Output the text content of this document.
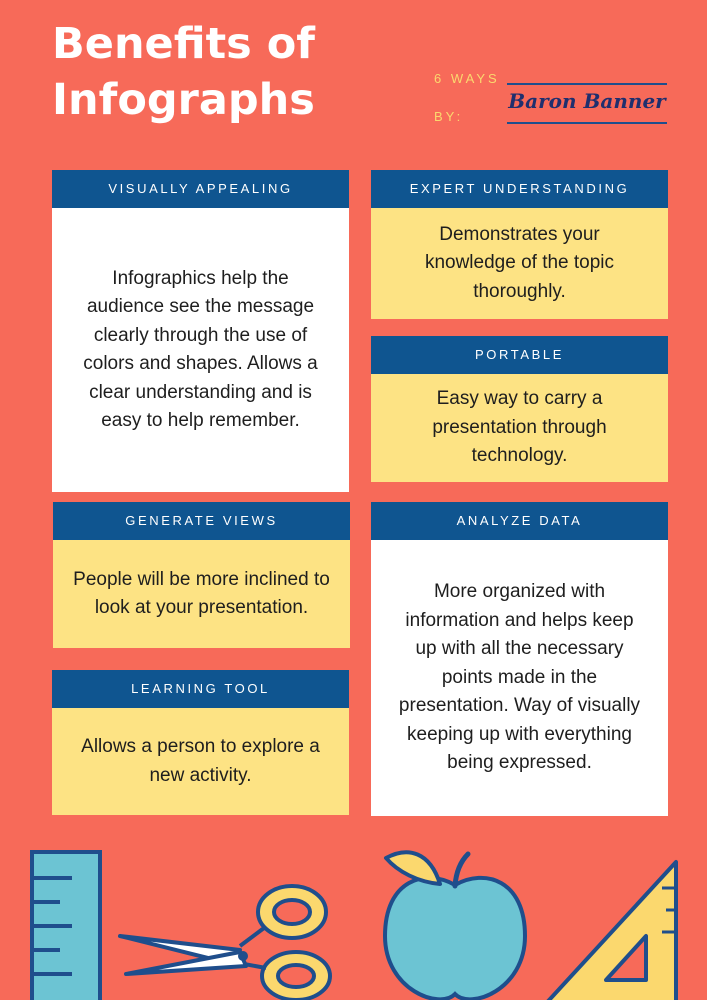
Benefits of
Infographs	6 WAYS
BY:
Baron Banner
VISUALLY APPEALING
Infographics help the audience see the message clearly through the use of colors and shapes. Allows a clear understanding and is easy to help remember.
GENERATE VIEWS
People will be more inclined to look at your presentation.
LEARNING TOOL
Allows a person to explore a new activity.
EXPERT UNDERSTANDING
Demonstrates your knowledge of the topic thoroughly.
PORTABLE
Easy way to carry a presentation through technology.
ANALYZE DATA
More organized with information and helps keep up with all the necessary points made in the presentation. Way of visually keeping up with everything being expressed.
